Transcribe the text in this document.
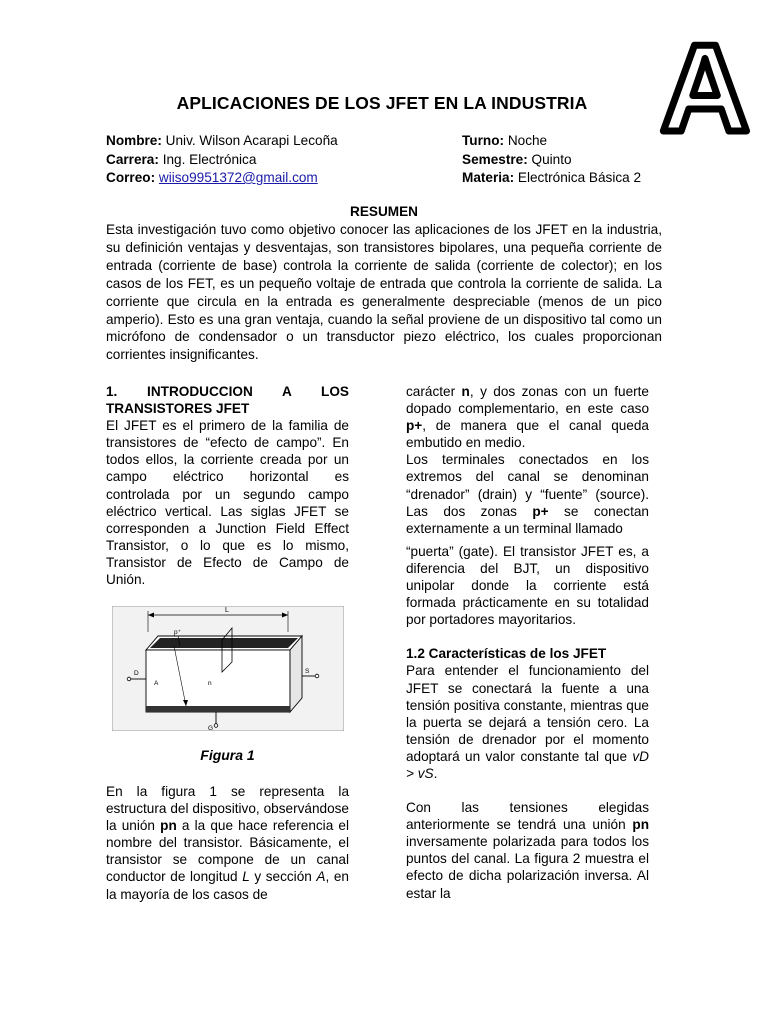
A
APLICACIONES DE LOS JFET EN LA INDUSTRIA
Nombre: Univ. Wilson Acarapi Lecoña
Carrera: Ing. Electrónica
Correo: wiiso9951372@gmail.com
Turno: Noche
Semestre: Quinto
Materia: Electrónica Básica 2
RESUMEN
Esta investigación tuvo como objetivo conocer las aplicaciones de los JFET en la industria, su definición ventajas y desventajas, son transistores bipolares, una pequeña corriente de entrada (corriente de base) controla la corriente de salida (corriente de colector); en los casos de los FET, es un pequeño voltaje de entrada que controla la corriente de salida. La corriente que circula en la entrada es generalmente despreciable (menos de un pico amperio). Esto es una gran ventaja, cuando la señal proviene de un dispositivo tal como un micrófono de condensador o un transductor piezo eléctrico, los cuales proporcionan corrientes insignificantes.

1. INTRODUCCION A LOS TRANSISTORES JFET

El JFET es el primero de la familia de transistores de “efecto de campo”. En todos ellos, la corriente creada por un campo eléctrico horizontal es controlada por un segundo campo eléctrico vertical. Las siglas JFET se corresponden a Junction Field Effect Transistor, o lo que es lo mismo, Transistor de Efecto de Campo de Unión.

L
p⁺
A	n
D	S
G
Figura 1

En la figura 1 se representa la estructura del dispositivo, observándose la unión pn a la que hace referencia el nombre del transistor. Básicamente, el transistor se compone de un canal conductor de longitud L y sección A, en la mayoría de los casos de

carácter n, y dos zonas con un fuerte dopado complementario, en este caso p+, de manera que el canal queda embutido en medio.

Los terminales conectados en los extremos del canal se denominan “drenador” (drain) y “fuente” (source). Las dos zonas p+ se conectan externamente a un terminal llamado

“puerta” (gate). El transistor JFET es, a diferencia del BJT, un dispositivo unipolar donde la corriente está formada prácticamente en su totalidad por portadores mayoritarios.

1.2 Características de los JFET

Para entender el funcionamiento del JFET se conectará la fuente a una tensión positiva constante, mientras que la puerta se dejará a tensión cero. La tensión de drenador por el momento adoptará un valor constante tal que vD > vS.

Con las tensiones elegidas anteriormente se tendrá una unión pn inversamente polarizada para todos los puntos del canal. La figura 2 muestra el efecto de dicha polarización inversa. Al estar la
